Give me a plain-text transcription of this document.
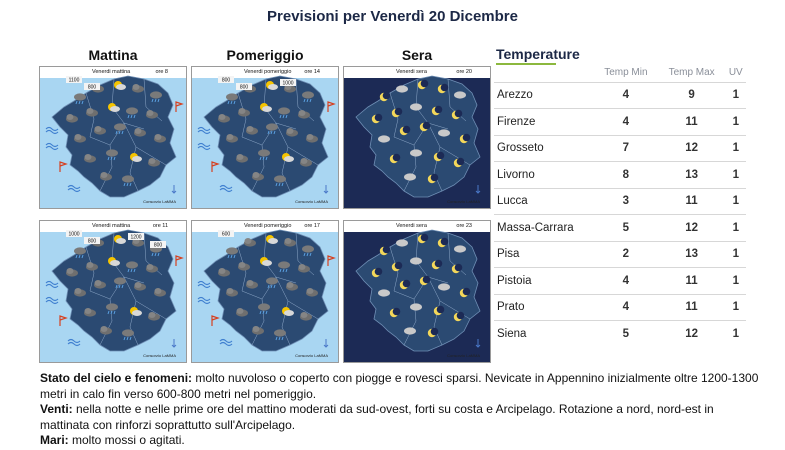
Previsioni per Venerdì 20 Dicembre
Mattina	Pomeriggio	Sera
1100
800
Venerdi mattina	ore 8
Consorzio LaMMA
800
800
1000
Venerdi pomeriggio ore 14
Consorzio LaMMA
Venerdi sera	ore 20
Consorzio LaMMA
1000
800
1200
800
Venerdi mattina	ore 11
Consorzio LaMMA
600
Venerdi pomeriggio ore 17
Consorzio LaMMA
Venerdi sera	ore 23
Consorzio LaMMA
Temperature
	Temp Min	Temp Max	UV
Arezzo	4	9	1
Firenze	4	11	1
Grosseto	7	12	1
Livorno	8	13	1
Lucca	3	11	1
Massa-Carrara	5	12	1
Pisa	2	13	1
Pistoia	4	11	1
Prato	4	11	1
Siena	5	12	1
Stato del cielo e fenomeni: molto nuvoloso o coperto con piogge e rovesci sparsi. Nevicate in Appennino inizialmente oltre 1200-1300 metri in calo fin verso 600-800 metri nel pomeriggio.
Venti: nella notte e nelle prime ore del mattino moderati da sud-ovest, forti su costa e Arcipelago. Rotazione a nord, nord-est in mattinata con rinforzi soprattutto sull'Arcipelago.
Mari: molto mossi o agitati.
